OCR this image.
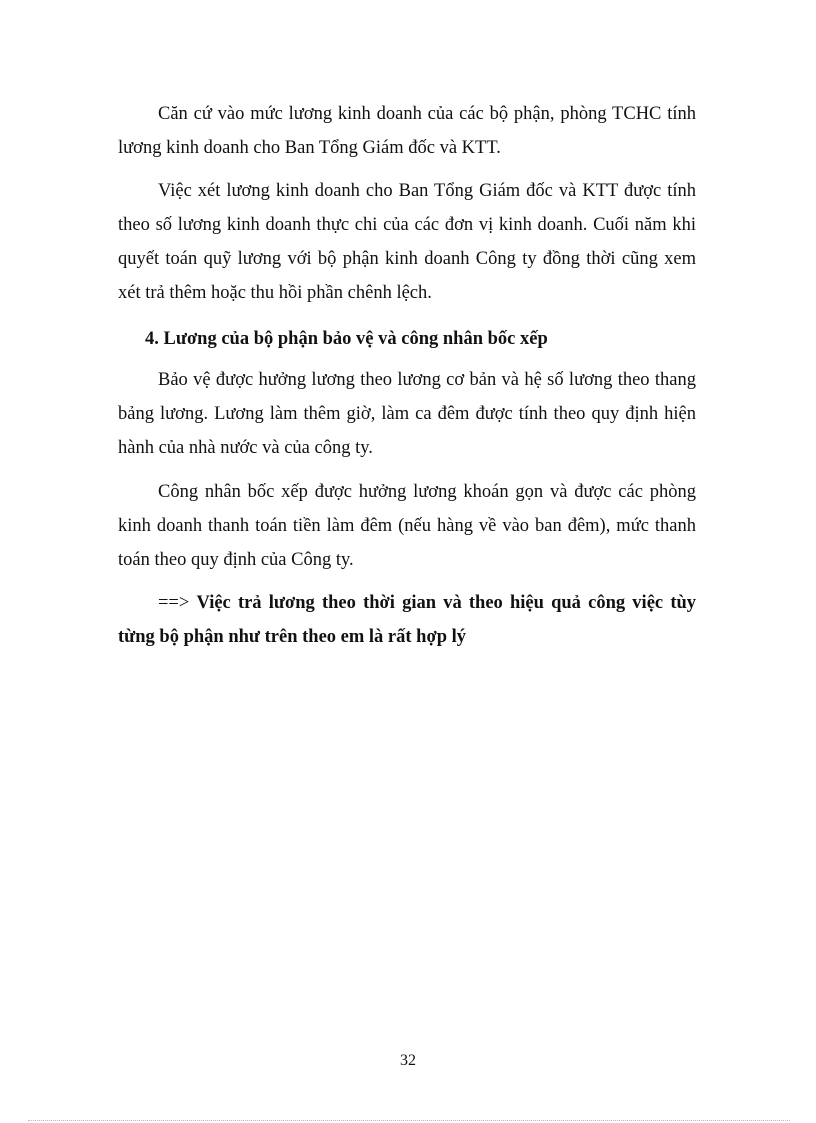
Căn cứ vào mức lương kinh doanh của các bộ phận, phòng TCHC tính
lương kinh doanh cho Ban Tổng Giám đốc và KTT.
Việc xét lương kinh doanh cho Ban Tổng Giám đốc và KTT được tính
theo số lương kinh doanh thực chi của các đơn vị kinh doanh. Cuối năm khi
quyết toán quỹ lương với bộ phận kinh doanh Công ty đồng thời cũng xem
xét trả thêm hoặc thu hồi phần chênh lệch.
4. Lương của bộ phận bảo vệ và công nhân bốc xếp
Bảo vệ được hưởng lương theo lương cơ bản và hệ số lương theo thang
bảng lương. Lương làm thêm giờ, làm ca đêm được tính theo quy định hiện
hành của nhà nước và của công ty.
Công nhân bốc xếp được hưởng lương khoán gọn và được các phòng
kinh doanh thanh toán tiền làm đêm (nếu hàng về vào ban đêm), mức thanh
toán theo quy định của Công ty.
==> Việc trả lương theo thời gian và theo hiệu quả công việc tùy
từng bộ phận như trên theo em là rất hợp lý
32
